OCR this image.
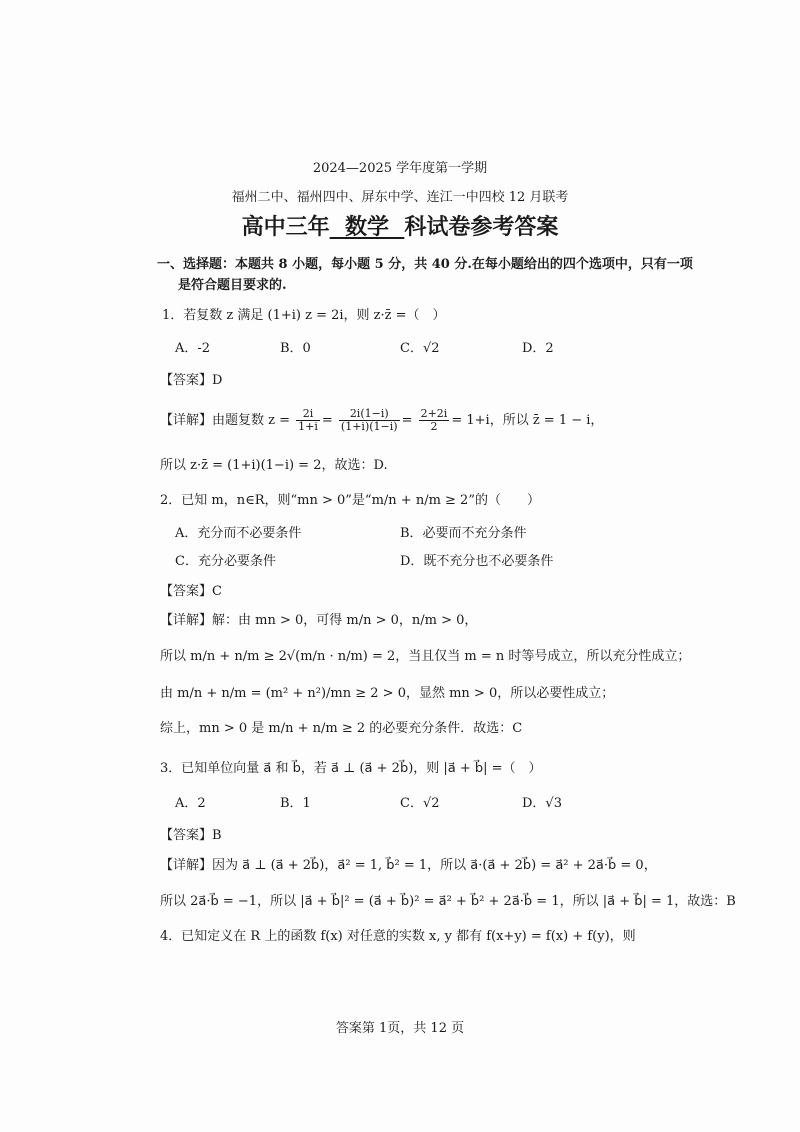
2024—2025 学年度第一学期
福州二中、福州四中、屏东中学、连江一中四校 12 月联考
高中三年 数学 科试卷参考答案
一、选择题：本题共 8 小题，每小题 5 分，共 40 分.在每小题给出的四个选项中，只有一项
是符合题目要求的.
1．若复数 z 满足 (1+i) z = 2i，则 z·z̄ =（　）
A．-2	B．0	C．√2	D．2
【答案】D
【详解】由题复数 $z = \frac{2i}{1+i} = \frac{2i(1-i)}{(1+i)(1-i)} = \frac{2+2i}{2} = 1+i$，所以 z̄ = 1 − i，
所以 z·z̄ = (1+i)(1−i) = 2，故选：D.
2．已知 m，n∈R，则“mn > 0”是“m/n + n/m ≥ 2”的（　　）
A．充分而不必要条件	B．必要而不充分条件
C．充分必要条件	D．既不充分也不必要条件
【答案】C
【详解】解：由 mn > 0，可得 m/n > 0，n/m > 0，
所以 m/n + n/m ≥ 2√(m/n · n/m) = 2，当且仅当 m = n 时等号成立，所以充分性成立；
由 m/n + n/m = (m² + n²)/mn ≥ 2 > 0，显然 mn > 0，所以必要性成立；
综上，mn > 0 是 m/n + n/m ≥ 2 的必要充分条件．故选：C
3．已知单位向量 a⃗ 和 b⃗，若 a⃗ ⊥ (a⃗ + 2b⃗)，则 |a⃗ + b⃗| =（　）
A．2	B．1	C．√2	D．√3
【答案】B
【详解】因为 a⃗ ⊥ (a⃗ + 2b⃗)，a⃗² = 1, b⃗² = 1，所以 a⃗·(a⃗ + 2b⃗) = a⃗² + 2a⃗·b⃗ = 0，
所以 2a⃗·b⃗ = −1，所以 |a⃗ + b⃗|² = (a⃗ + b⃗)² = a⃗² + b⃗² + 2a⃗·b⃗ = 1，所以 |a⃗ + b⃗| = 1，故选：B
4．已知定义在 R 上的函数 f(x) 对任意的实数 x, y 都有 f(x+y) = f(x) + f(y)，则
答案第 1页，共 12 页
